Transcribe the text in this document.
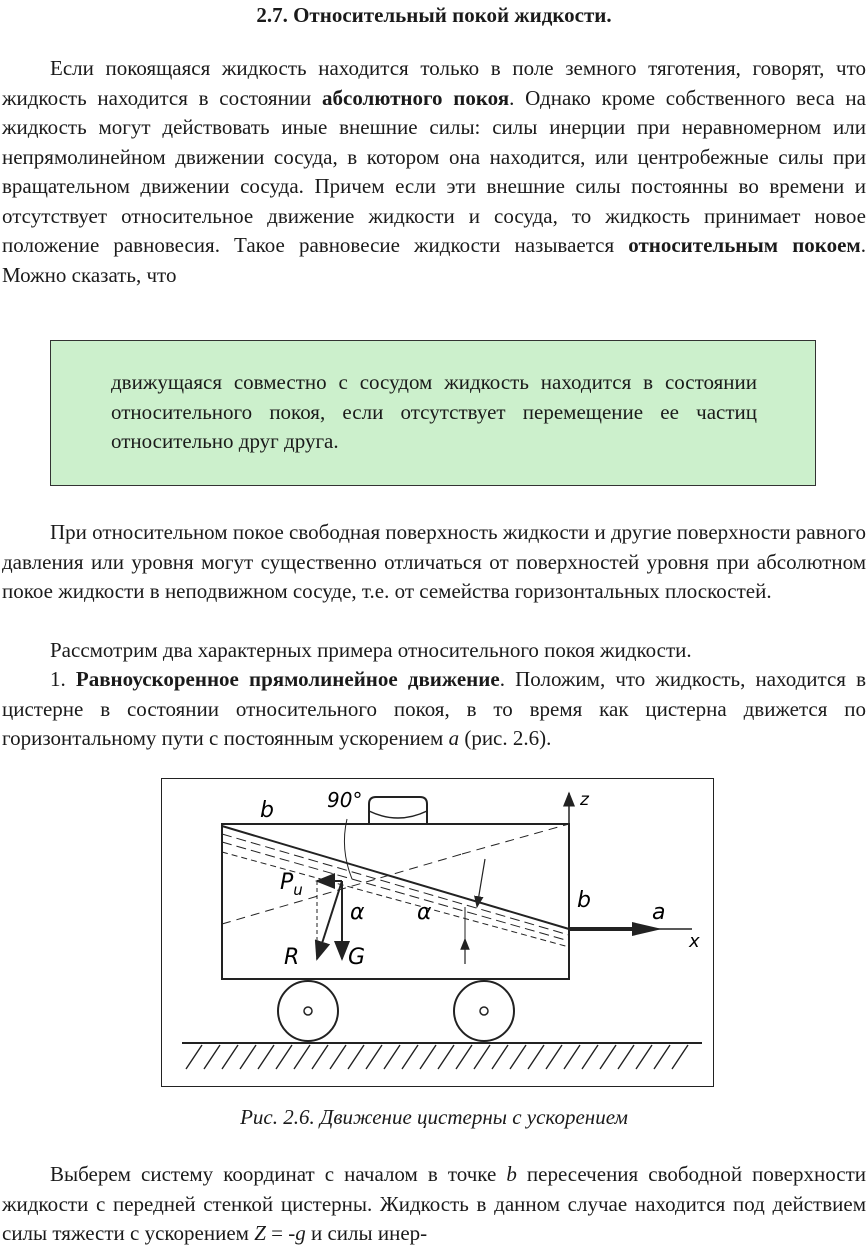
2.7. Относительный покой жидкости.

Если покоящаяся жидкость находится только в поле земного тяготения, говорят, что жидкость находится в состоянии абсолютного покоя. Однако кроме собственного веса на жидкость могут действовать иные внешние силы: силы инерции при неравномерном или непрямолинейном движении сосуда, в котором она находится, или центробежные силы при вращательном движении сосуда. Причем если эти внешние силы постоянны во времени и отсутствует относительное движение жидкости и сосуда, то жидкость принимает новое положение равновесия. Такое равновесие жидкости называется относительным покоем. Можно сказать, что

движущаяся совместно с сосудом жидкость находится в состоянии относительного покоя, если отсутствует перемещение ее частиц относительно друг друга.

При относительном покое свободная поверхность жидкости и другие поверхности равного давления или уровня могут существенно отличаться от поверхностей уровня при абсолютном покое жидкости в неподвижном сосуде, т.е. от семейства горизонтальных плоскостей.

Рассмотрим два характерных примера относительного покоя жидкости.

1. Равноускоренное прямолинейное движение. Положим, что жидкость, находится в цистерне в состоянии относительного покоя, в то время как цистерна движется по горизонтальному пути с постоянным ускорением a (рис. 2.6).

b	90°	z
$P_u$
α α
R G
b	a
x
Рис. 2.6. Движение цистерны с ускорением

Выберем систему координат с началом в точке b пересечения свободной поверхности жидкости с передней стенкой цистерны. Жидкость в данном случае находится под действием силы тяжести с ускорением Z = -g и силы инер-
